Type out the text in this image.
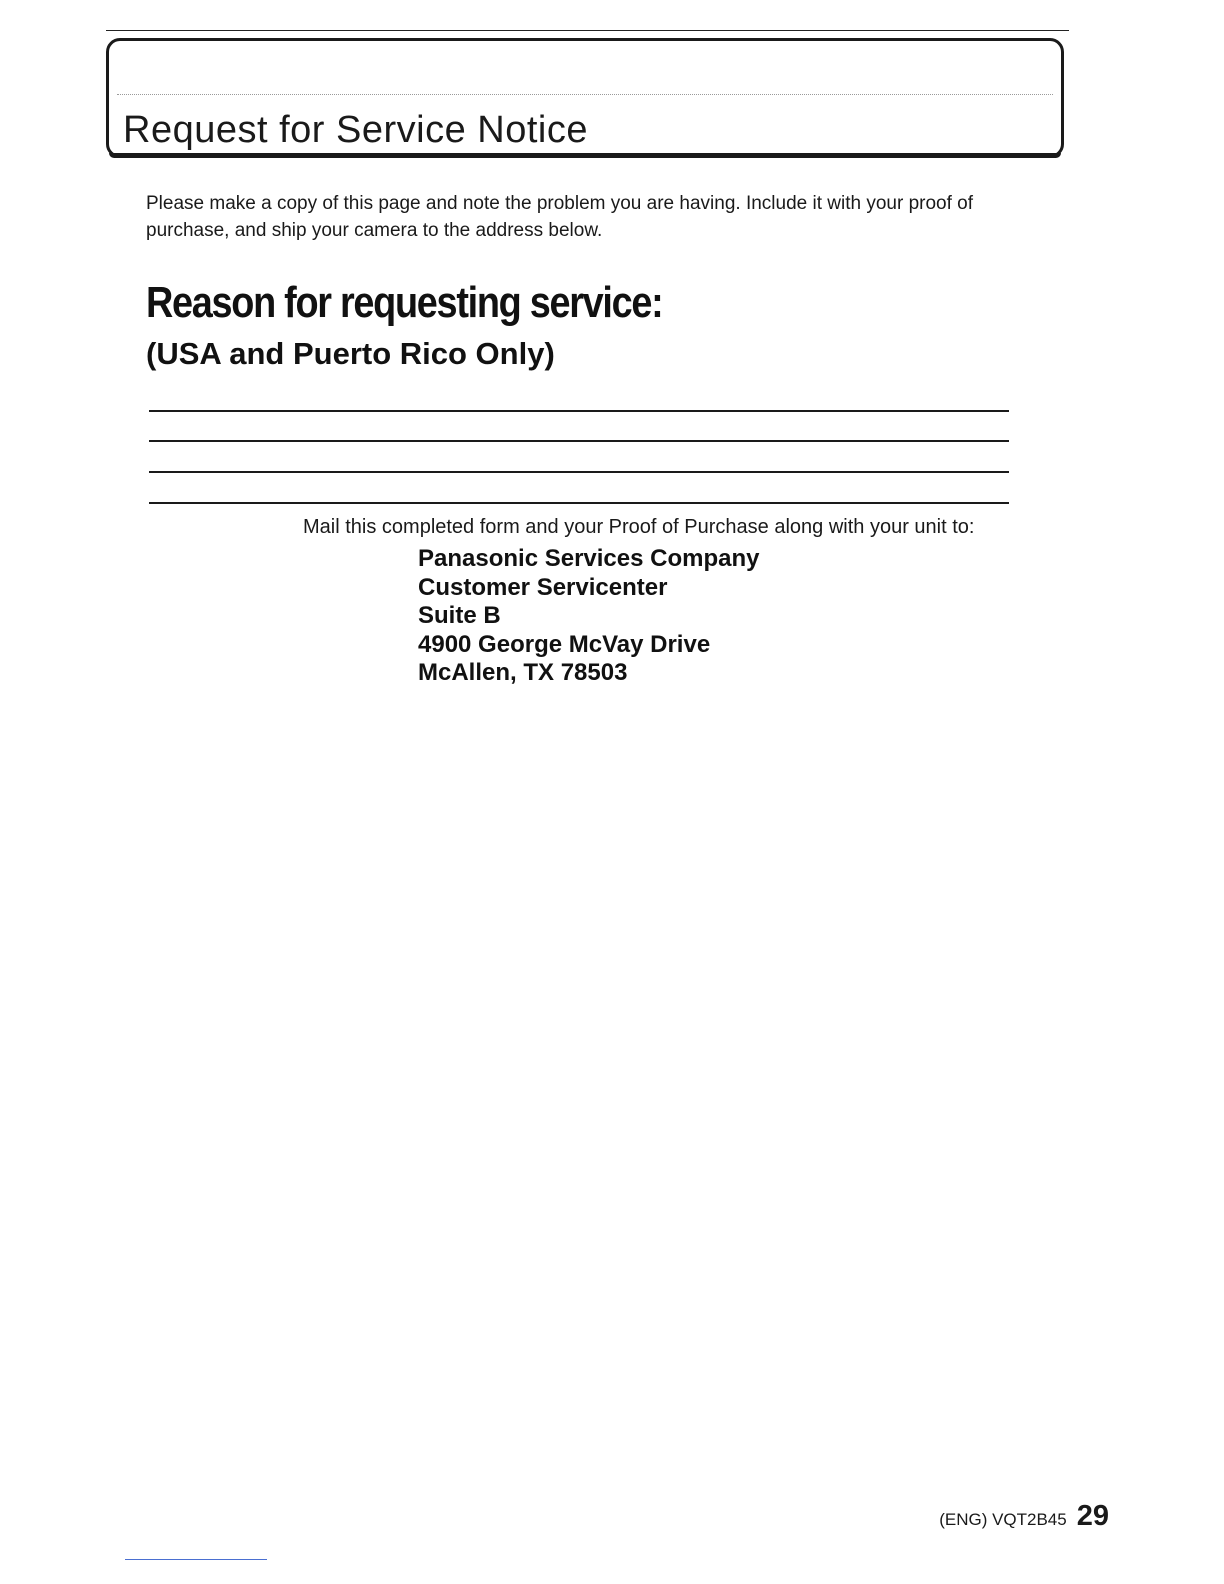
Request for Service Notice
Please make a copy of this page and note the problem you are having. Include it with your proof of purchase, and ship your camera to the address below.
Reason for requesting service:
(USA and Puerto Rico Only)
Mail this completed form and your Proof of Purchase along with your unit to:
Panasonic Services Company
Customer Servicenter
Suite B
4900 George McVay Drive
McAllen, TX 78503
(ENG) VQT2B45 29
